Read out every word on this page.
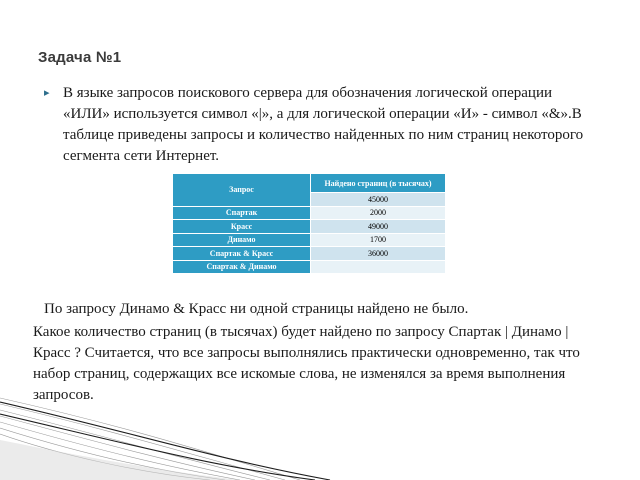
Задача №1
▸ В языке запросов поискового сервера для обозначения логической операции «ИЛИ» используется символ «|», а для логической операции «И» - символ «&».В таблице приведены запросы и количество найденных по ним страниц некоторого сегмента сети Интернет.
Запрос	Найдено страниц (в тысячах)
	45000
Спартак	2000
Красс	49000
Динамо	1700
Спартак & Красс	36000
Спартак & Динамо	
По запросу Динамо & Красс ни одной страницы найдено не было.
Какое количество страниц (в тысячах) будет найдено по запросу Спартак | Динамо | Красс ? Считается, что все запросы выполнялись практически одновременно, так что набор страниц, содержащих все искомые слова, не изменялся за время выполнения запросов.
